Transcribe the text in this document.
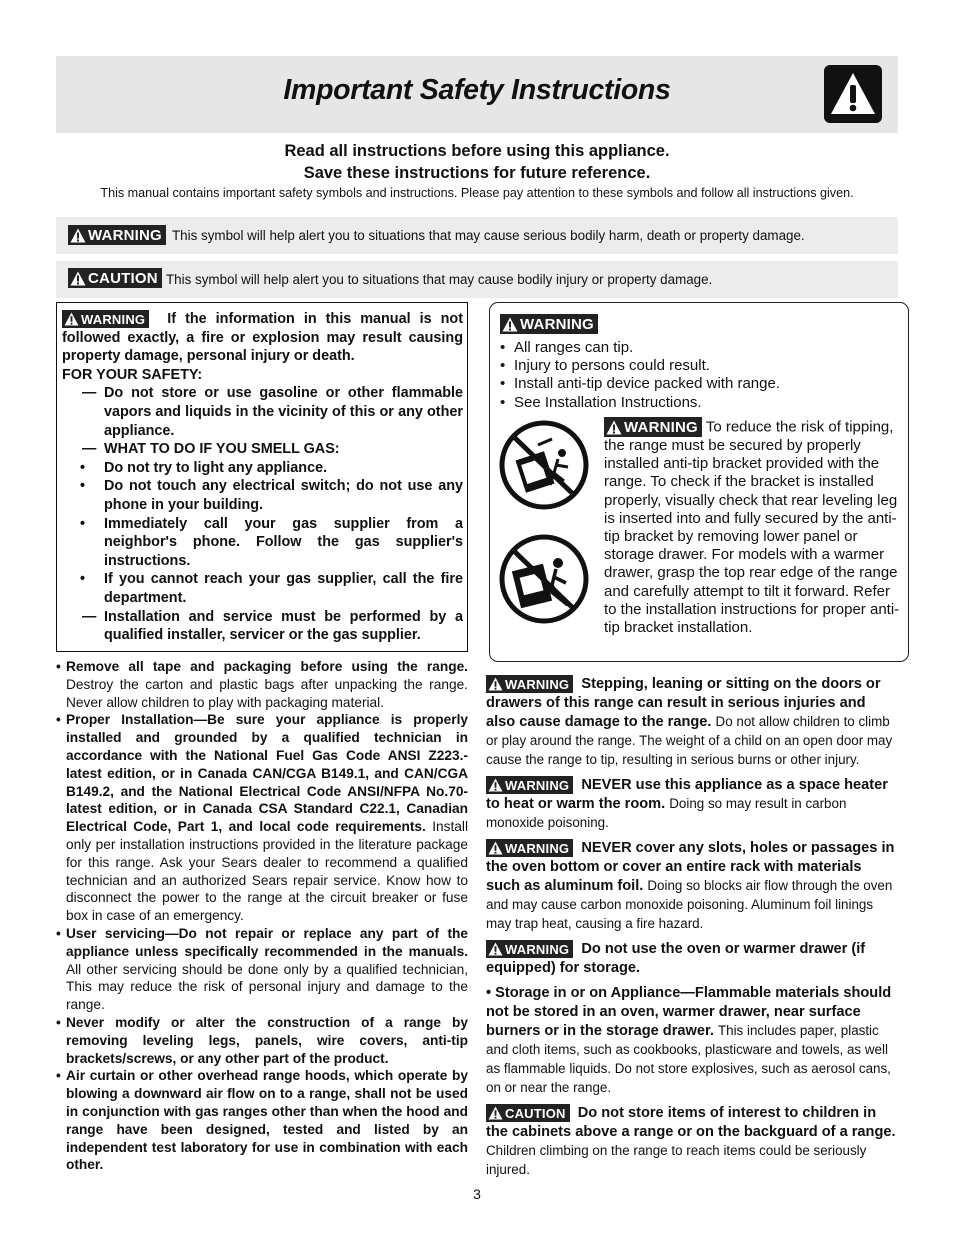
Important Safety Instructions
Read all instructions before using this appliance.
Save these instructions for future reference.
This manual contains important safety symbols and instructions. Please pay attention to these symbols and follow all instructions given.
WARNING This symbol will help alert you to situations that may cause serious bodily harm, death or property damage.
CAUTION This symbol will help alert you to situations that may cause bodily injury or property damage.

WARNING If the information in this manual is not followed exactly, a fire or explosion may result causing property damage, personal injury or death.

FOR YOUR SAFETY:

— Do not store or use gasoline or other flammable vapors and liquids in the vicinity of this or any other appliance.
— WHAT TO DO IF YOU SMELL GAS:
• Do not try to light any appliance.
• Do not touch any electrical switch; do not use any phone in your building.
• Immediately call your gas supplier from a neighbor's phone. Follow the gas supplier's instructions.
• If you cannot reach your gas supplier, call the fire department.
— Installation and service must be performed by a qualified installer, servicer or the gas supplier.
• Remove all tape and packaging before using the range. Destroy the carton and plastic bags after unpacking the range. Never allow children to play with packaging material.
• Proper Installation—Be sure your appliance is properly installed and grounded by a qualified technician in accordance with the National Fuel Gas Code ANSI Z223.- latest edition, or in Canada CAN/CGA B149.1, and CAN/CGA B149.2, and the National Electrical Code ANSI/NFPA No.70-latest edition, or in Canada CSA Standard C22.1, Canadian Electrical Code, Part 1, and local code requirements. Install only per installation instructions provided in the literature package for this range. Ask your Sears dealer to recommend a qualified technician and an authorized Sears repair service. Know how to disconnect the power to the range at the circuit breaker or fuse box in case of an emergency.
• User servicing—Do not repair or replace any part of the appliance unless specifically recommended in the manuals. All other servicing should be done only by a qualified technician, This may reduce the risk of personal injury and damage to the range.
• Never modify or alter the construction of a range by removing leveling legs, panels, wire covers, anti-tip brackets/screws, or any other part of the product.
• Air curtain or other overhead range hoods, which operate by blowing a downward air flow on to a range, shall not be used in conjunction with gas ranges other than when the hood and range have been designed, tested and listed by an independent test laboratory for use in combination with each other.
WARNING
• All ranges can tip.
• Injury to persons could result.
• Install anti-tip device packed with range.
• See Installation Instructions.
WARNING To reduce the risk of tipping, the range must be secured by properly installed anti-tip bracket provided with the range. To check if the bracket is installed properly, visually check that rear leveling leg is inserted into and fully secured by the anti-tip bracket by removing lower panel or storage drawer. For models with a warmer drawer, grasp the top rear edge of the range and carefully attempt to tilt it forward. Refer to the installation instructions for proper anti-tip bracket installation.
WARNING Stepping, leaning or sitting on the doors or drawers of this range can result in serious injuries and also cause damage to the range. Do not allow children to climb or play around the range. The weight of a child on an open door may cause the range to tip, resulting in serious burns or other injury.
WARNING NEVER use this appliance as a space heater to heat or warm the room. Doing so may result in carbon monoxide poisoning.
WARNING NEVER cover any slots, holes or passages in the oven bottom or cover an entire rack with materials such as aluminum foil. Doing so blocks air flow through the oven and may cause carbon monoxide poisoning. Aluminum foil linings may trap heat, causing a fire hazard.
WARNING Do not use the oven or warmer drawer (if equipped) for storage.
• Storage in or on Appliance—Flammable materials should not be stored in an oven, warmer drawer, near surface burners or in the storage drawer. This includes paper, plastic and cloth items, such as cookbooks, plasticware and towels, as well as flammable liquids. Do not store explosives, such as aerosol cans, on or near the range.
CAUTION Do not store items of interest to children in the cabinets above a range or on the backguard of a range. Children climbing on the range to reach items could be seriously injured.
3
